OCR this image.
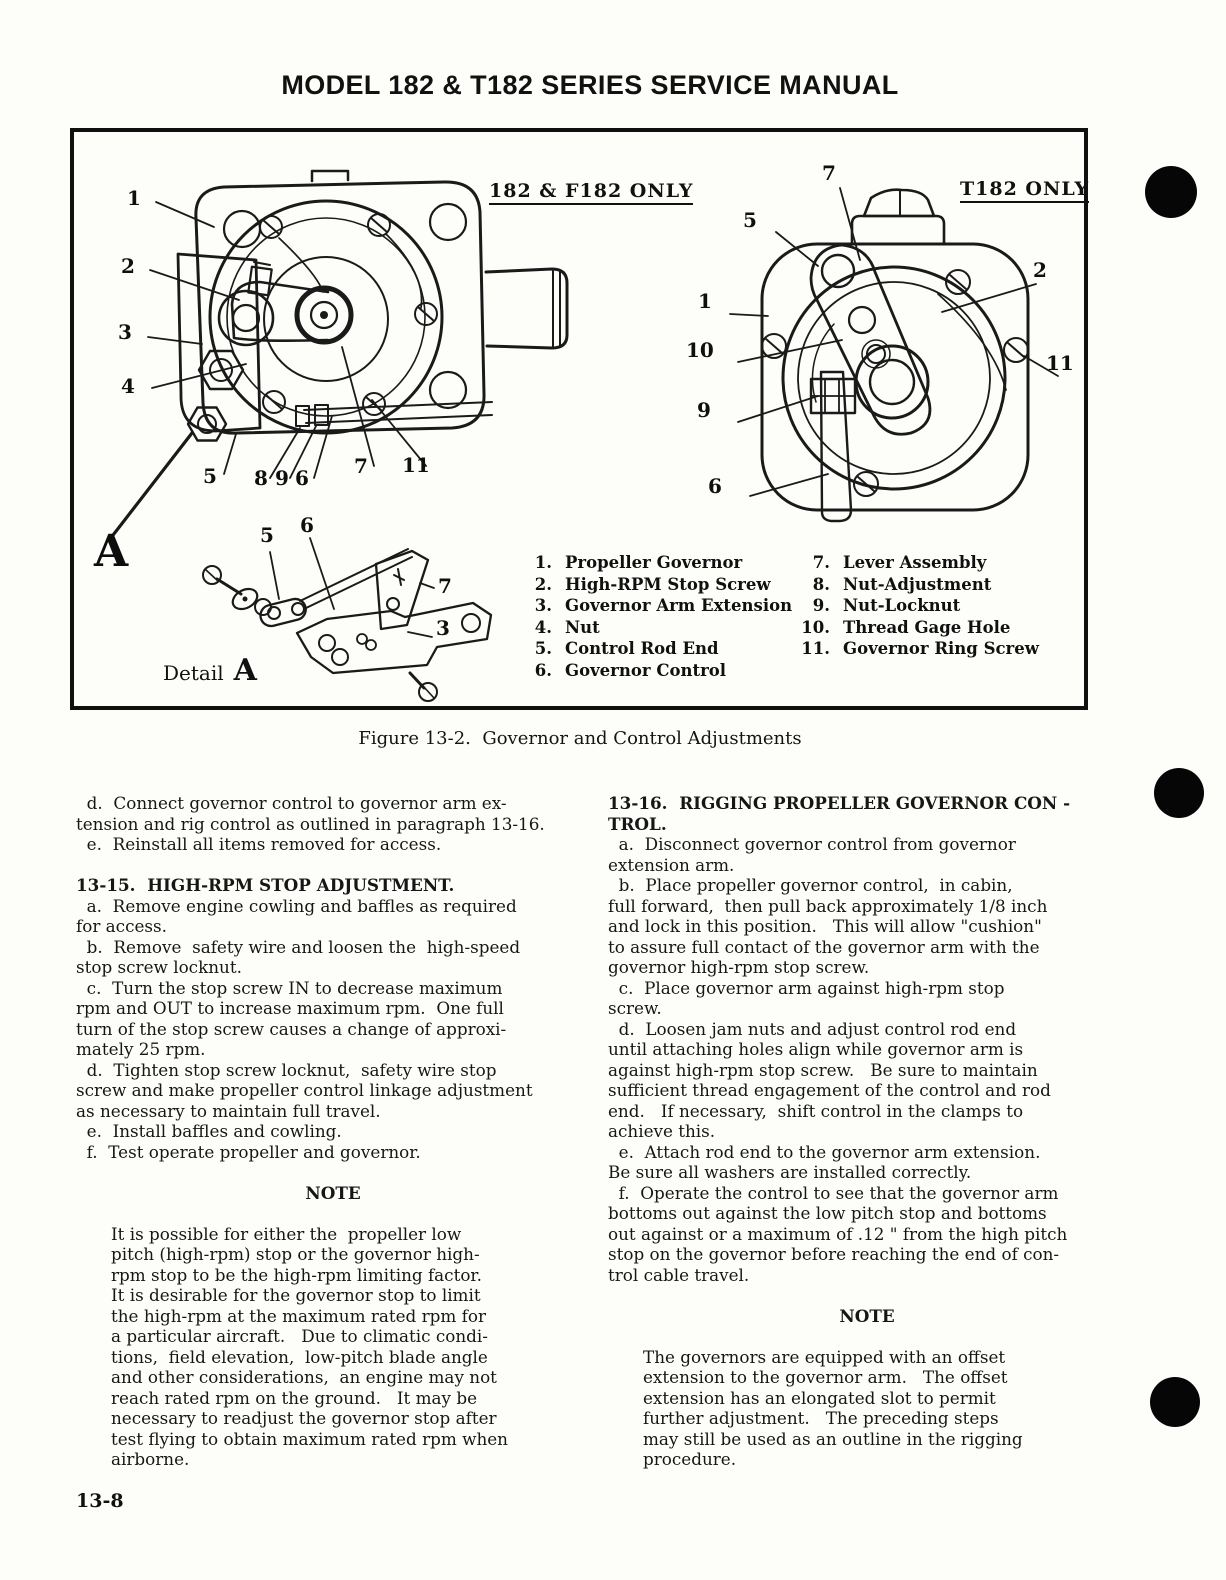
MODEL 182 & T182 SERIES SERVICE MANUAL
182 & F182 ONLY	T182 ONLY
1
2
3
4
5 8 9 6 7 11
7
5
2
1
10
11
9
6
5 6
7
3
A
Detail A
1. Propeller Governor
2. High-RPM Stop Screw
3. Governor Arm Extension
4. Nut
5. Control Rod End
6. Governor Control
7. Lever Assembly
8. Nut-Adjustment
9. Nut-Locknut
10. Thread Gage Hole
11. Governor Ring Screw
Figure 13-2.  Governor and Control Adjustments
d.  Connect governor control to governor arm ex-
tension and rig control as outlined in paragraph 13-16.
e.  Reinstall all items removed for access.
13-15.  HIGH-RPM STOP ADJUSTMENT.
a.  Remove engine cowling and baffles as required
for access.
b.  Remove  safety wire and loosen the  high-speed
stop screw locknut.
c.  Turn the stop screw IN to decrease maximum
rpm and OUT to increase maximum rpm.  One full
turn of the stop screw causes a change of approxi-
mately 25 rpm.
d.  Tighten stop screw locknut,  safety wire stop
screw and make propeller control linkage adjustment
as necessary to maintain full travel.
e.  Install baffles and cowling.
f.  Test operate propeller and governor.
NOTE
It is possible for either the  propeller low
pitch (high-rpm) stop or the governor high-
rpm stop to be the high-rpm limiting factor.
It is desirable for the governor stop to limit
the high-rpm at the maximum rated rpm for
a particular aircraft.   Due to climatic condi-
tions,  field elevation,  low-pitch blade angle
and other considerations,  an engine may not
reach rated rpm on the ground.   It may be
necessary to readjust the governor stop after
test flying to obtain maximum rated rpm when
airborne.
13-16.  RIGGING PROPELLER GOVERNOR CON -
TROL.
a.  Disconnect governor control from governor
extension arm.
b.  Place propeller governor control,  in cabin,
full forward,  then pull back approximately 1/8 inch
and lock in this position.   This will allow "cushion"
to assure full contact of the governor arm with the
governor high-rpm stop screw.
c.  Place governor arm against high-rpm stop
screw.
d.  Loosen jam nuts and adjust control rod end
until attaching holes align while governor arm is
against high-rpm stop screw.   Be sure to maintain
sufficient thread engagement of the control and rod
end.   If necessary,  shift control in the clamps to
achieve this.
e.  Attach rod end to the governor arm extension.
Be sure all washers are installed correctly.
f.  Operate the control to see that the governor arm
bottoms out against the low pitch stop and bottoms
out against or a maximum of .12 " from the high pitch
stop on the governor before reaching the end of con-
trol cable travel.
NOTE
The governors are equipped with an offset
extension to the governor arm.   The offset
extension has an elongated slot to permit
further adjustment.   The preceding steps
may still be used as an outline in the rigging
procedure.
13-8
